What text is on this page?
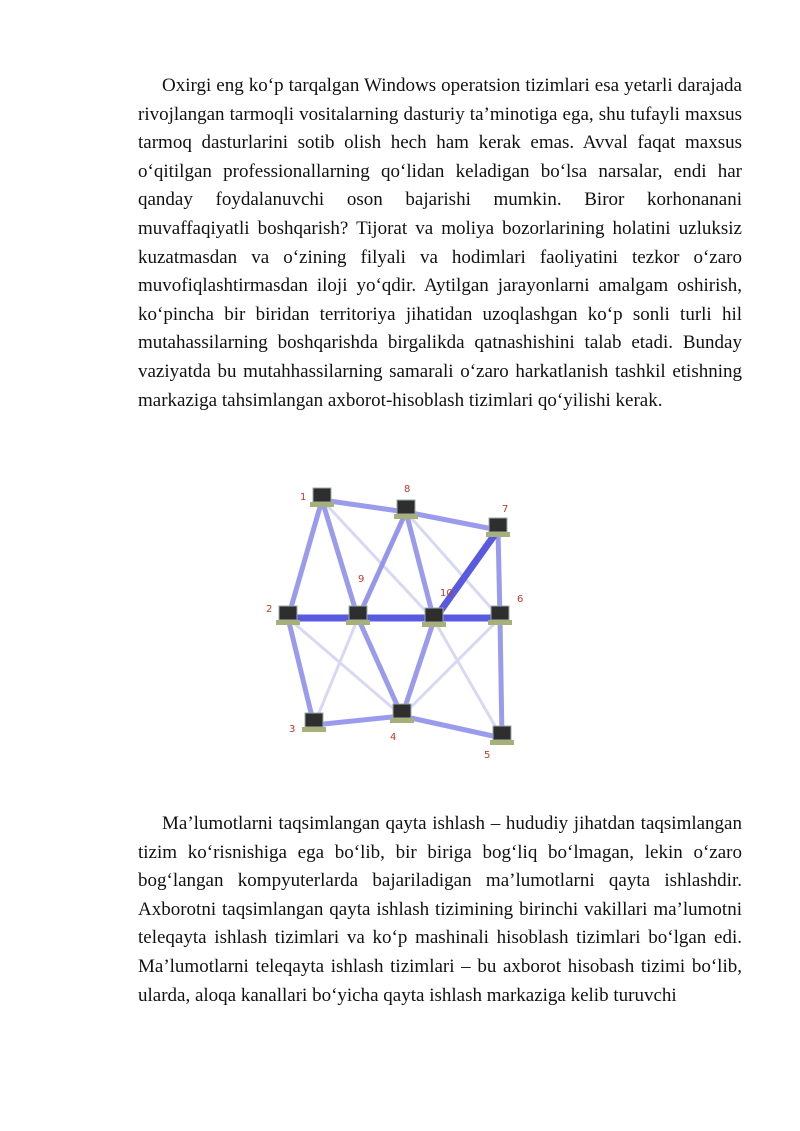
Oxirgi eng ko‘p tarqalgan Windows operatsion tizimlari esa yetarli darajada rivojlangan tarmoqli vositalarning dasturiy ta’minotiga ega, shu tufayli maxsus tarmoq dasturlarini sotib olish hech ham kerak emas. Avval faqat maxsus o‘qitilgan professionallarning qo‘lidan keladigan bo‘lsa narsalar, endi har qanday foydalanuvchi oson bajarishi mumkin. Biror korhonanani muvaffaqiyatli boshqarish? Tijorat va moliya bozorlarining holatini uzluksiz kuzatmasdan va o‘zining filyali va hodimlari faoliyatini tezkor o‘zaro muvofiqlashtirmasdan iloji yo‘qdir. Aytilgan jarayonlarni amalgam oshirish, ko‘pincha bir biridan territoriya jihatidan uzoqlashgan ko‘p sonli turli hil mutahassilarning boshqarishda birgalikda qatnashishini talab etadi. Bunday vaziyatda bu mutahhassilarning samarali o‘zaro harkatlanish tashkil etishning markaziga tahsimlangan axborot-hisoblash tizimlari qo‘yilishi kerak.

1
2
3
4
5
6
7
8
9
10

Ma’lumotlarni taqsimlangan qayta ishlash – hududiy jihatdan taqsimlangan tizim ko‘risnishiga ega bo‘lib, bir biriga bog‘liq bo‘lmagan, lekin o‘zaro bog‘langan kompyuterlarda bajariladigan ma’lumotlarni qayta ishlashdir. Axborotni taqsimlangan qayta ishlash tizimining birinchi vakillari ma’lumotni teleqayta ishlash tizimlari va ko‘p mashinali hisoblash tizimlari bo‘lgan edi. Ma’lumotlarni teleqayta ishlash tizimlari – bu axborot hisobash tizimi bo‘lib, ularda, aloqa kanallari bo‘yicha qayta ishlash markaziga kelib turuvchi
